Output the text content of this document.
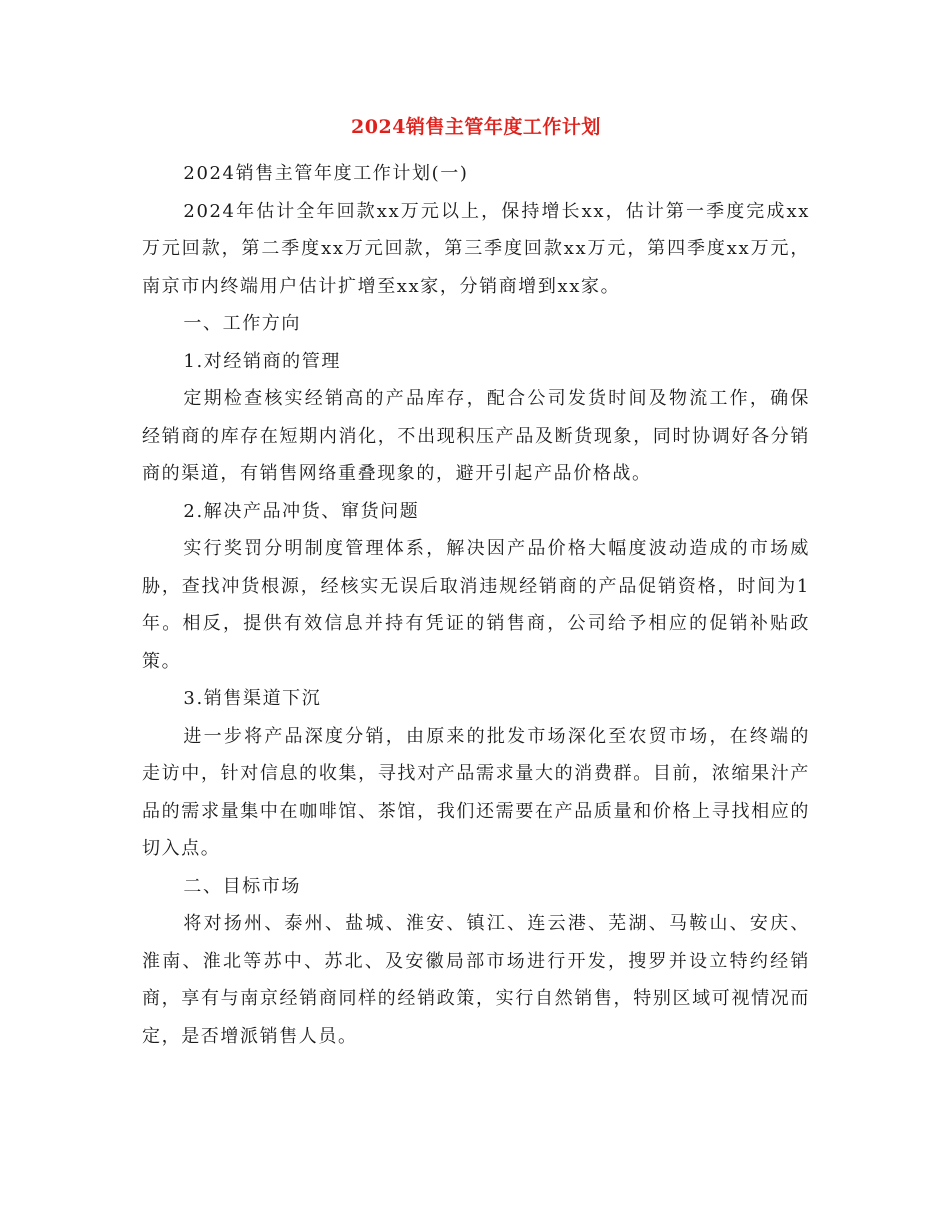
2024销售主管年度工作计划

2024销售主管年度工作计划(一)

2024年估计全年回款xx万元以上，保持增长xx，估计第一季度完成xx万元回款，第二季度xx万元回款，第三季度回款xx万元，第四季度xx万元，南京市内终端用户估计扩增至xx家，分销商增到xx家。

一、工作方向

1.对经销商的管理

定期检查核实经销高的产品库存，配合公司发货时间及物流工作，确保经销商的库存在短期内消化，不出现积压产品及断货现象，同时协调好各分销商的渠道，有销售网络重叠现象的，避开引起产品价格战。

2.解决产品冲货、窜货问题

实行奖罚分明制度管理体系，解决因产品价格大幅度波动造成的市场威胁，查找冲货根源，经核实无误后取消违规经销商的产品促销资格，时间为1年。相反，提供有效信息并持有凭证的销售商，公司给予相应的促销补贴政策。

3.销售渠道下沉

进一步将产品深度分销，由原来的批发市场深化至农贸市场，在终端的走访中，针对信息的收集，寻找对产品需求量大的消费群。目前，浓缩果汁产品的需求量集中在咖啡馆、茶馆，我们还需要在产品质量和价格上寻找相应的切入点。

二、目标市场

将对扬州、泰州、盐城、淮安、镇江、连云港、芜湖、马鞍山、安庆、淮南、淮北等苏中、苏北、及安徽局部市场进行开发，搜罗并设立特约经销商，享有与南京经销商同样的经销政策，实行自然销售，特别区域可视情况而定，是否增派销售人员。
